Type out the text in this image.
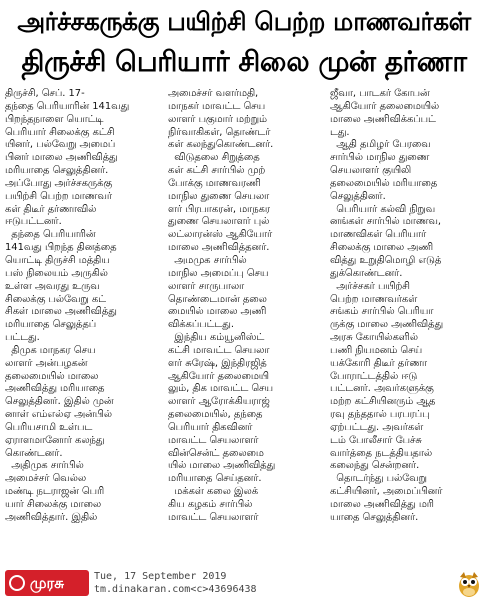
அர்ச்சகருக்கு பயிற்சி பெற்ற மாணவர்கள்
திருச்சி பெரியார் சிலை முன் தர்ணா

திருச்சி, செப். 17-

தந்தை பெரியாரின் 141வது

பிறந்தநாளை யொட்டி

பெரியார் சிலைக்கு கட்சி

யினர், பல்வேறு அமைப்

பினர் மாலை அணிவித்து

மரியாதை செலுத்தினர்.

அப்போது அர்ச்சகருக்கு

பயிற்சி பெற்ற மாணவர்

கள் திடீர் தர்ணாவில்

ஈடுபட்டனர்.

தந்தை பெரியாரின்

141வது பிறந்த தினத்தை

யொட்டி திருச்சி மத்திய

பஸ் நிலையம் அருகில்

உள்ள அவரது உருவ

சிலைக்கு பல்வேறு கட்

சிகள் மாலை அணிவித்து

மரியாதை செலுத்தப்

பட்டது.

திமுக மாநகர செய

லாளர் அன்பழகன்

தலைமையில் மாலை

அணிவித்து மரியாதை

செலுத்தினர். இதில் முன்

னாள் எம்எல்ஏ அன்பில்

பெரியசாமி உள்பட

ஏராளமானோர் கலந்து

கொண்டனர்.

அதிமுக சார்பில்

அமைச்சர் வெல்ல

மண்டி நடராஜன் பெரி

யார் சிலைக்கு மாலை

அணிவித்தார். இதில்

அமைச்சர் வளர்மதி,

மாநகர் மாவட்ட செய

லாளர் பகுமார் மற்றும்

நிர்வாகிகள், தொண்டர்

கள் கலந்துகொண்டனர்.

விடுதலை சிறுத்தை

கள் கட்சி சார்பில் முற்

போக்கு மாணவரணி

மாநில துணை செயலா

ளர் பிரபாகரன், மாநகர

துணை செயலாளர் புல்

லட்லாரன்ஸ் ஆகியோர்

மாலை அணிவித்தனர்.

அமமுக சார்பில்

மாநில அமைப்பு செய

லாளர் சாருபாலா

தொண்டைமான் தலை

மையில் மாலை அணி

விக்கப்பட்டது.

இந்திய கம்யூனிஸ்ட்

கட்சி மாவட்ட செயலா

ளர் சுரேஷ், இந்திரஜித்

ஆகியோர் தலைமையி

லும், திக மாவட்ட செய

லாளர் ஆரோக்கியராஜ்

தலைமையில், தந்தை

பெரியார் திகவினர்

மாவட்ட செயலாளர்

வின்சென்ட் தலைமை

யில் மாலை அணிவித்து

மரியாதை செய்தனர்.

மக்கள் கலை இலக்

கிய கழகம் சார்பில்

மாவட்ட செயலாளர்

ஜீவா, பாடகர் கோபன்

ஆகியோர் தலைமையில்

மாலை அணிவிக்கப்பட்

டது.

ஆதி தமிழர் பேரவை

சார்பில் மாநில துணை

செயலாளர் குயிலி

தலைமையில் மரியாதை

செலுத்தினர்.

பெரியார் கல்வி நிறுவ

னங்கள் சார்பில் மாணவ,

மாணவிகள் பெரியார்

சிலைக்கு மாலை அணி

வித்து உறுதிமொழி எடுத்

துக்கொண்டனர்.

அர்ச்சகர் பயிற்சி

பெற்ற மாணவர்கள்

சங்கம் சார்பில் பெரியா

ருக்கு மாலை அணிவித்து

அரசு கோயில்களில்

பணி நியமனம் செய்

யக்கோரி திடீர் தர்ணா

போராட்டத்தில் ஈடு

பட்டனர். அவர்களுக்கு

மற்ற கட்சியினரும் ஆத

ரவு தந்ததால் பரபரப்பு

ஏற்பட்டது. அவர்கள்

டம் போலீசார் பேச்சு

வார்த்தை நடத்தியதால்

கலைந்து சென்றனர்.

தொடர்ந்து பல்வேறு

கட்சியினர், அமைப்பினர்

மாலை அணிவித்து மரி

யாதை செலுத்தினர்.

முரசு	Tue, 17 September 2019
tm.dinakaran.com<c>43696438
